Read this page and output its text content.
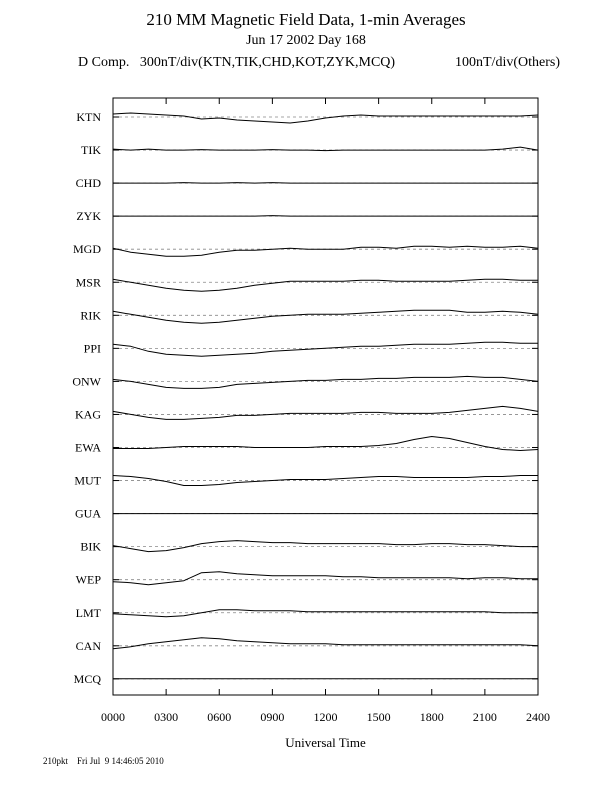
210 MM Magnetic Field Data, 1-min Averages
Jun 17 2002 Day 168
D Comp.   300nT/div(KTN,TIK,CHD,KOT,ZYK,MCQ)	100nT/div(Others)
0000 0300 0600 0900 1200 1500 1800 2100 2400
Universal Time
KTN
TIK
CHD
ZYK
MGD
MSR
RIK
PPI
ONW
KAG
EWA
MUT
GUA
BIK
WEP
LMT
CAN
MCQ
210pkt    Fri Jul  9 14:46:05 2010
